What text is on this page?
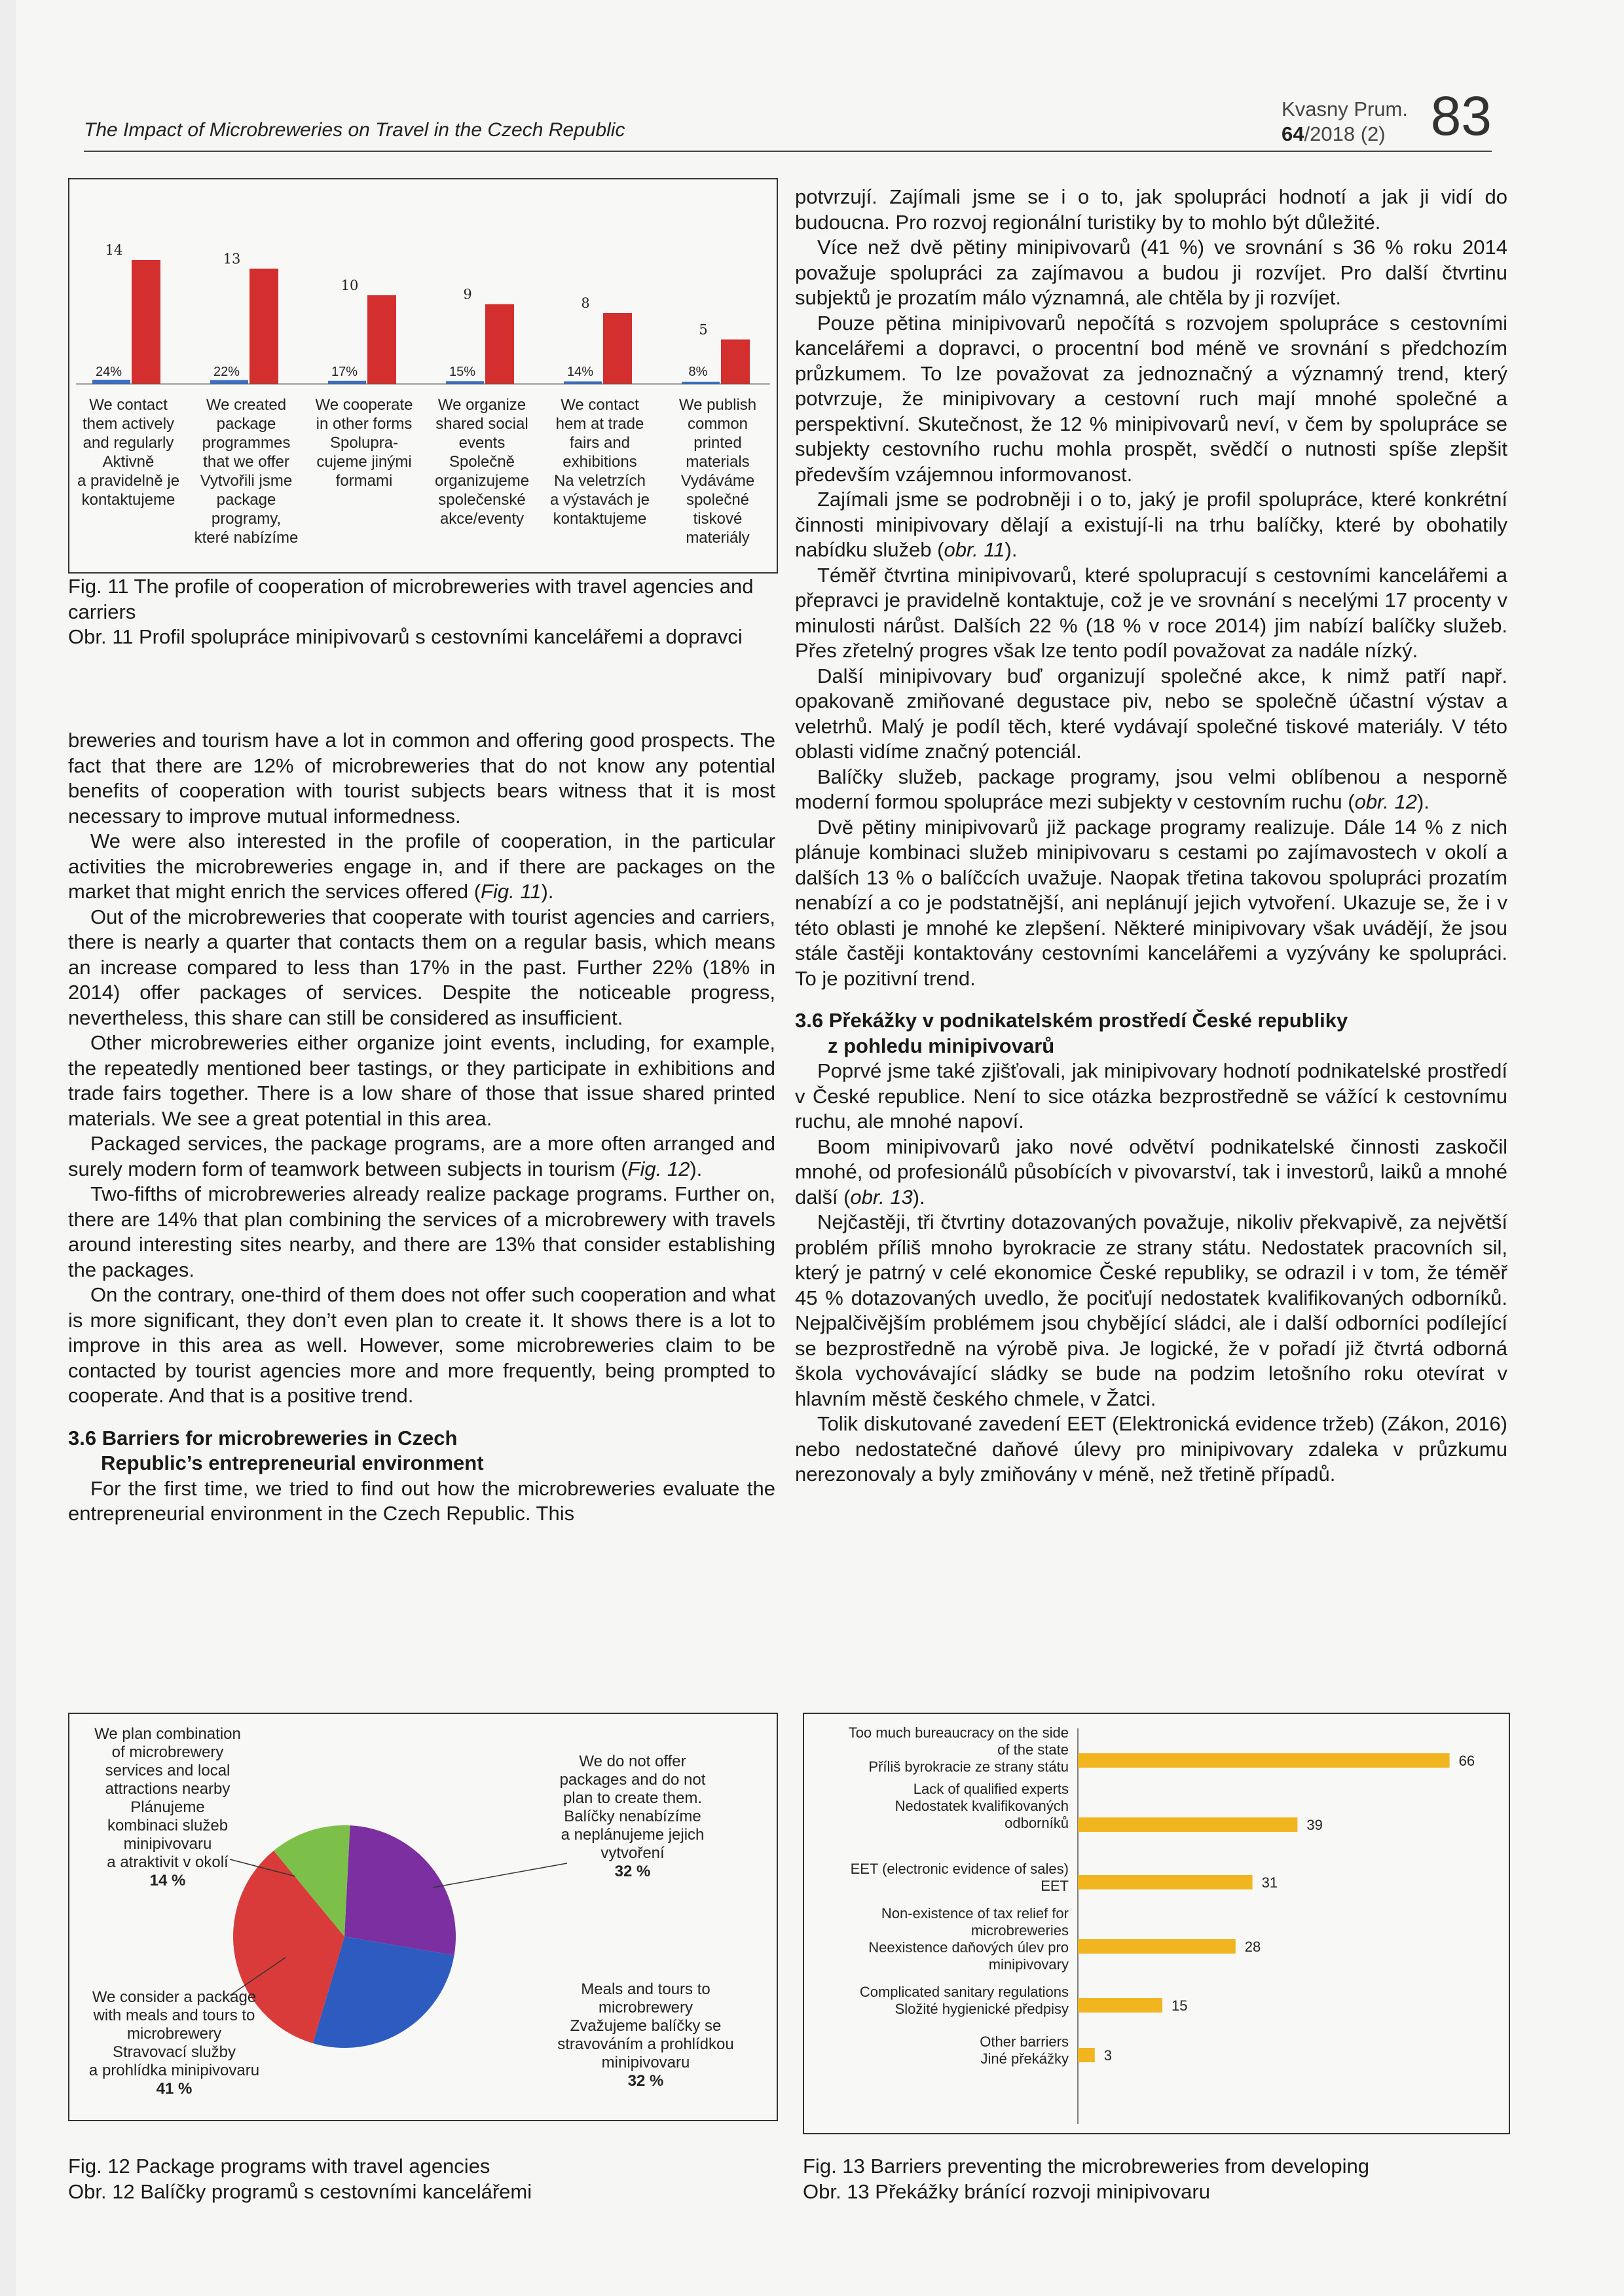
The Impact of Microbreweries on Travel in the Czech Republic
Kvasny Prum.
64/2018 (2) 83
24%
14
We contact
them actively
and regularly
Aktivně
a pravidelně je
kontaktujeme
22%
13
We created
package
programmes
that we offer
Vytvořili jsme
package
programy,
které nabízíme
17%
10
We cooperate
in other forms
Spolupra-
cujeme jinými
formami
15%
9
We organize
shared social
events
Společně
organizujeme
společenské
akce/eventy
14%
8
We contact
hem at trade
fairs and
exhibitions
Na veletrzích
a výstavách je
kontaktujeme
8%
5
We publish
common
printed
materials
Vydáváme
společné
tiskové
materiály
Fig. 11 The profile of cooperation of microbreweries with travel agencies and carriers
Obr. 11 Profil spolupráce minipivovarů s cestovními kancelářemi a dopravci

breweries and tourism have a lot in common and offering good prospects. The fact that there are 12% of microbreweries that do not know any potential benefits of cooperation with tourist subjects bears witness that it is most necessary to improve mutual informedness.

We were also interested in the profile of cooperation, in the particular activities the microbreweries engage in, and if there are packages on the market that might enrich the services offered (Fig. 11).

Out of the microbreweries that cooperate with tourist agencies and carriers, there is nearly a quarter that contacts them on a regular basis, which means an increase compared to less than 17% in the past. Further 22% (18% in 2014) offer packages of services. Despite the noticeable progress, nevertheless, this share can still be considered as insufficient.

Other microbreweries either organize joint events, including, for example, the repeatedly mentioned beer tastings, or they participate in exhibitions and trade fairs together. There is a low share of those that issue shared printed materials. We see a great potential in this area.

Packaged services, the package programs, are a more often arranged and surely modern form of teamwork between subjects in tourism (Fig. 12).

Two-fifths of microbreweries already realize package programs. Further on, there are 14% that plan combining the services of a microbrewery with travels around interesting sites nearby, and there are 13% that consider establishing the packages.

On the contrary, one-third of them does not offer such cooperation and what is more significant, they don’t even plan to create it. It shows there is a lot to improve in this area as well. However, some microbreweries claim to be contacted by tourist agencies more and more frequently, being prompted to cooperate. And that is a positive trend.

3.6 Barriers for microbreweries in Czech
Republic’s entrepreneurial environment

For the first time, we tried to find out how the microbreweries evaluate the entrepreneurial environment in the Czech Republic. This

We plan combination
of microbrewery
services and local
attractions nearby
Plánujeme
kombinaci služeb
minipivovaru
a atraktivit v okolí
14 %
We consider a package
with meals and tours to
microbrewery
Stravovací služby
a prohlídka minipivovaru
41 %
We do not offer
packages and do not
plan to create them.
Balíčky nenabízíme
a neplánujeme jejich
vytvoření
32 %
Meals and tours to
microbrewery
Zvažujeme balíčky se
stravováním a prohlídkou
minipivovaru
32 %
Fig. 12 Package programs with travel agencies
Obr. 12 Balíčky programů s cestovními kancelářemi

potvrzují. Zajímali jsme se i o to, jak spolupráci hodnotí a jak ji vidí do budoucna. Pro rozvoj regionální turistiky by to mohlo být důležité.

Více než dvě pětiny minipivovarů (41 %) ve srovnání s 36 % roku 2014 považuje spolupráci za zajímavou a budou ji rozvíjet. Pro další čtvrtinu subjektů je prozatím málo významná, ale chtěla by ji rozvíjet.

Pouze pětina minipivovarů nepočítá s rozvojem spolupráce s cestovními kancelářemi a dopravci, o procentní bod méně ve srovnání s předchozím průzkumem. To lze považovat za jednoznačný a významný trend, který potvrzuje, že minipivovary a cestovní ruch mají mnohé společné a perspektivní. Skutečnost, že 12 % minipivovarů neví, v čem by spolupráce se subjekty cestovního ruchu mohla prospět, svědčí o nutnosti spíše zlepšit především vzájemnou informovanost.

Zajímali jsme se podrobněji i o to, jaký je profil spolupráce, které konkrétní činnosti minipivovary dělají a existují-li na trhu balíčky, které by obohatily nabídku služeb (obr. 11).

Téměř čtvrtina minipivovarů, které spolupracují s cestovními kancelářemi a přepravci je pravidelně kontaktuje, což je ve srovnání s necelými 17 procenty v minulosti nárůst. Dalších 22 % (18 % v roce 2014) jim nabízí balíčky služeb. Přes zřetelný progres však lze tento podíl považovat za nadále nízký.

Další minipivovary buď organizují společné akce, k nimž patří např. opakovaně zmiňované degustace piv, nebo se společně účastní výstav a veletrhů. Malý je podíl těch, které vydávají společné tiskové materiály. V této oblasti vidíme značný potenciál.

Balíčky služeb, package programy, jsou velmi oblíbenou a nesporně moderní formou spolupráce mezi subjekty v cestovním ruchu (obr. 12).

Dvě pětiny minipivovarů již package programy realizuje. Dále 14 % z nich plánuje kombinaci služeb minipivovaru s cestami po zajímavostech v okolí a dalších 13 % o balíčcích uvažuje. Naopak třetina takovou spolupráci prozatím nenabízí a co je podstatnější, ani neplánují jejich vytvoření. Ukazuje se, že i v této oblasti je mnohé ke zlepšení. Některé minipivovary však uvádějí, že jsou stále častěji kontaktovány cestovními kancelářemi a vyzývány ke spolupráci. To je pozitivní trend.

3.6 Překážky v podnikatelském prostředí České republiky
z pohledu minipivovarů

Poprvé jsme také zjišťovali, jak minipivovary hodnotí podnikatelské prostředí v České republice. Není to sice otázka bezprostředně se vážící k cestovnímu ruchu, ale mnohé napoví.

Boom minipivovarů jako nové odvětví podnikatelské činnosti zaskočil mnohé, od profesionálů působících v pivovarství, tak i investorů, laiků a mnohé další (obr. 13).

Nejčastěji, tři čtvrtiny dotazovaných považuje, nikoliv překvapivě, za největší problém příliš mnoho byrokracie ze strany státu. Nedostatek pracovních sil, který je patrný v celé ekonomice České republiky, se odrazil i v tom, že téměř 45 % dotazovaných uvedlo, že pociťují nedostatek kvalifikovaných odborníků. Nejpalčivějším problémem jsou chybějící sládci, ale i další odborníci podílející se bezprostředně na výrobě piva. Je logické, že v pořadí již čtvrtá odborná škola vychovávající sládky se bude na podzim letošního roku otevírat v hlavním městě českého chmele, v Žatci.

Tolik diskutované zavedení EET (Elektronická evidence tržeb) (Zákon, 2016) nebo nedostatečné daňové úlevy pro minipivovary zdaleka v průzkumu nerezonovaly a byly zmiňovány v méně, než třetině případů.

66
Too much bureaucracy on the side
of the state
Příliš byrokracie ze strany státu
39
Lack of qualified experts
Nedostatek kvalifikovaných
odborníků
31
EET (electronic evidence of sales)
EET
28
Non-existence of tax relief for
microbreweries
Neexistence daňových úlev pro
minipivovary
15
Complicated sanitary regulations
Složité hygienické předpisy
3
Other barriers
Jiné překážky
Fig. 13 Barriers preventing the microbreweries from developing
Obr. 13 Překážky bránící rozvoji minipivovaru
